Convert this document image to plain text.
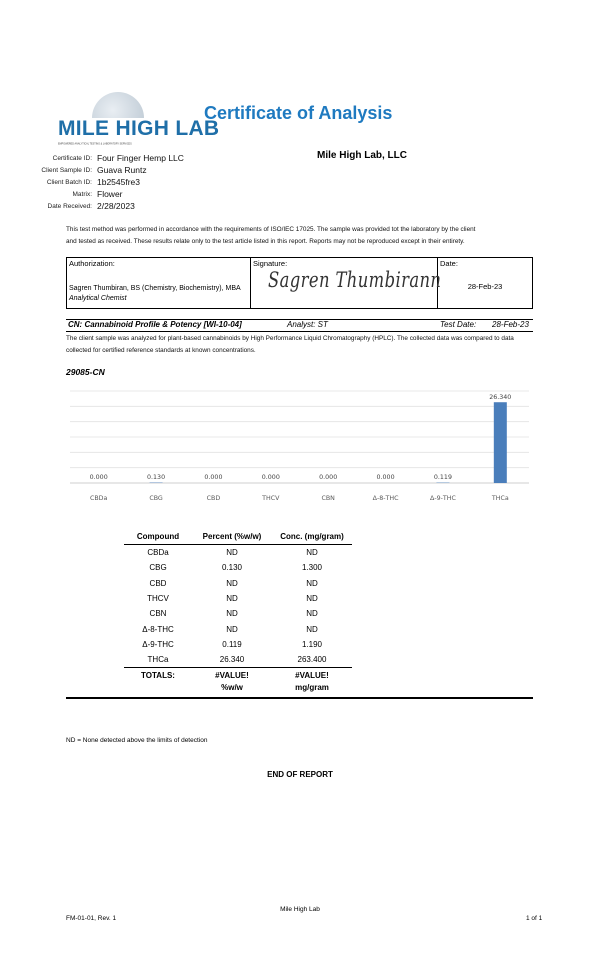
MILE HIGH LAB
EMPOWERED ANALYTICAL TESTING & LABORATORY SERVICES
Certificate of Analysis
Mile High Lab, LLC
Certificate ID: Four Finger Hemp LLC
Client Sample ID: Guava Runtz
Client Batch ID: 1b2545fre3
Matrix: Flower
Date Received: 2/28/2023
This test method was performed in accordance with the requirements of ISO/IEC 17025. The sample was provided tot the laboratory by the client
and tested as received. These results relate only to the test article listed in this report. Reports may not be reproduced except in their entirety.
Authorization:
Sagren Thumbiran, BS (Chemistry, Biochemistry), MBA
Analytical Chemist
Signature:
Sagren Thumbirann
Date:
28-Feb-23
CN: Cannabinoid Profile & Potency [WI-10-04]	Analyst: ST	Test Date: 28-Feb-23
The client sample was analyzed for plant-based cannabinoids by High Performance Liquid Chromatography (HPLC). The collected data was compared to data
collected for certified reference standards at known concentrations.
29085-CN
0.000
CBDa
0.130
CBG
0.000
CBD
0.000
THCV
0.000
CBN
0.000
Δ-8-THC
0.119
Δ-9-THC
26.340
THCa
Compound	Percent (%w/w)	Conc. (mg/gram)
CBDa	ND	ND
CBG	0.130	1.300
CBD	ND	ND
THCV	ND	ND
CBN	ND	ND
Δ-8-THC	ND	ND
Δ-9-THC	0.119	1.190
THCa	26.340	263.400
TOTALS:	#VALUE!	#VALUE!
	%w/w	mg/gram
ND = None detected above the limits of detection
END OF REPORT
Mile High Lab
FM-01-01, Rev. 1	1 of 1
